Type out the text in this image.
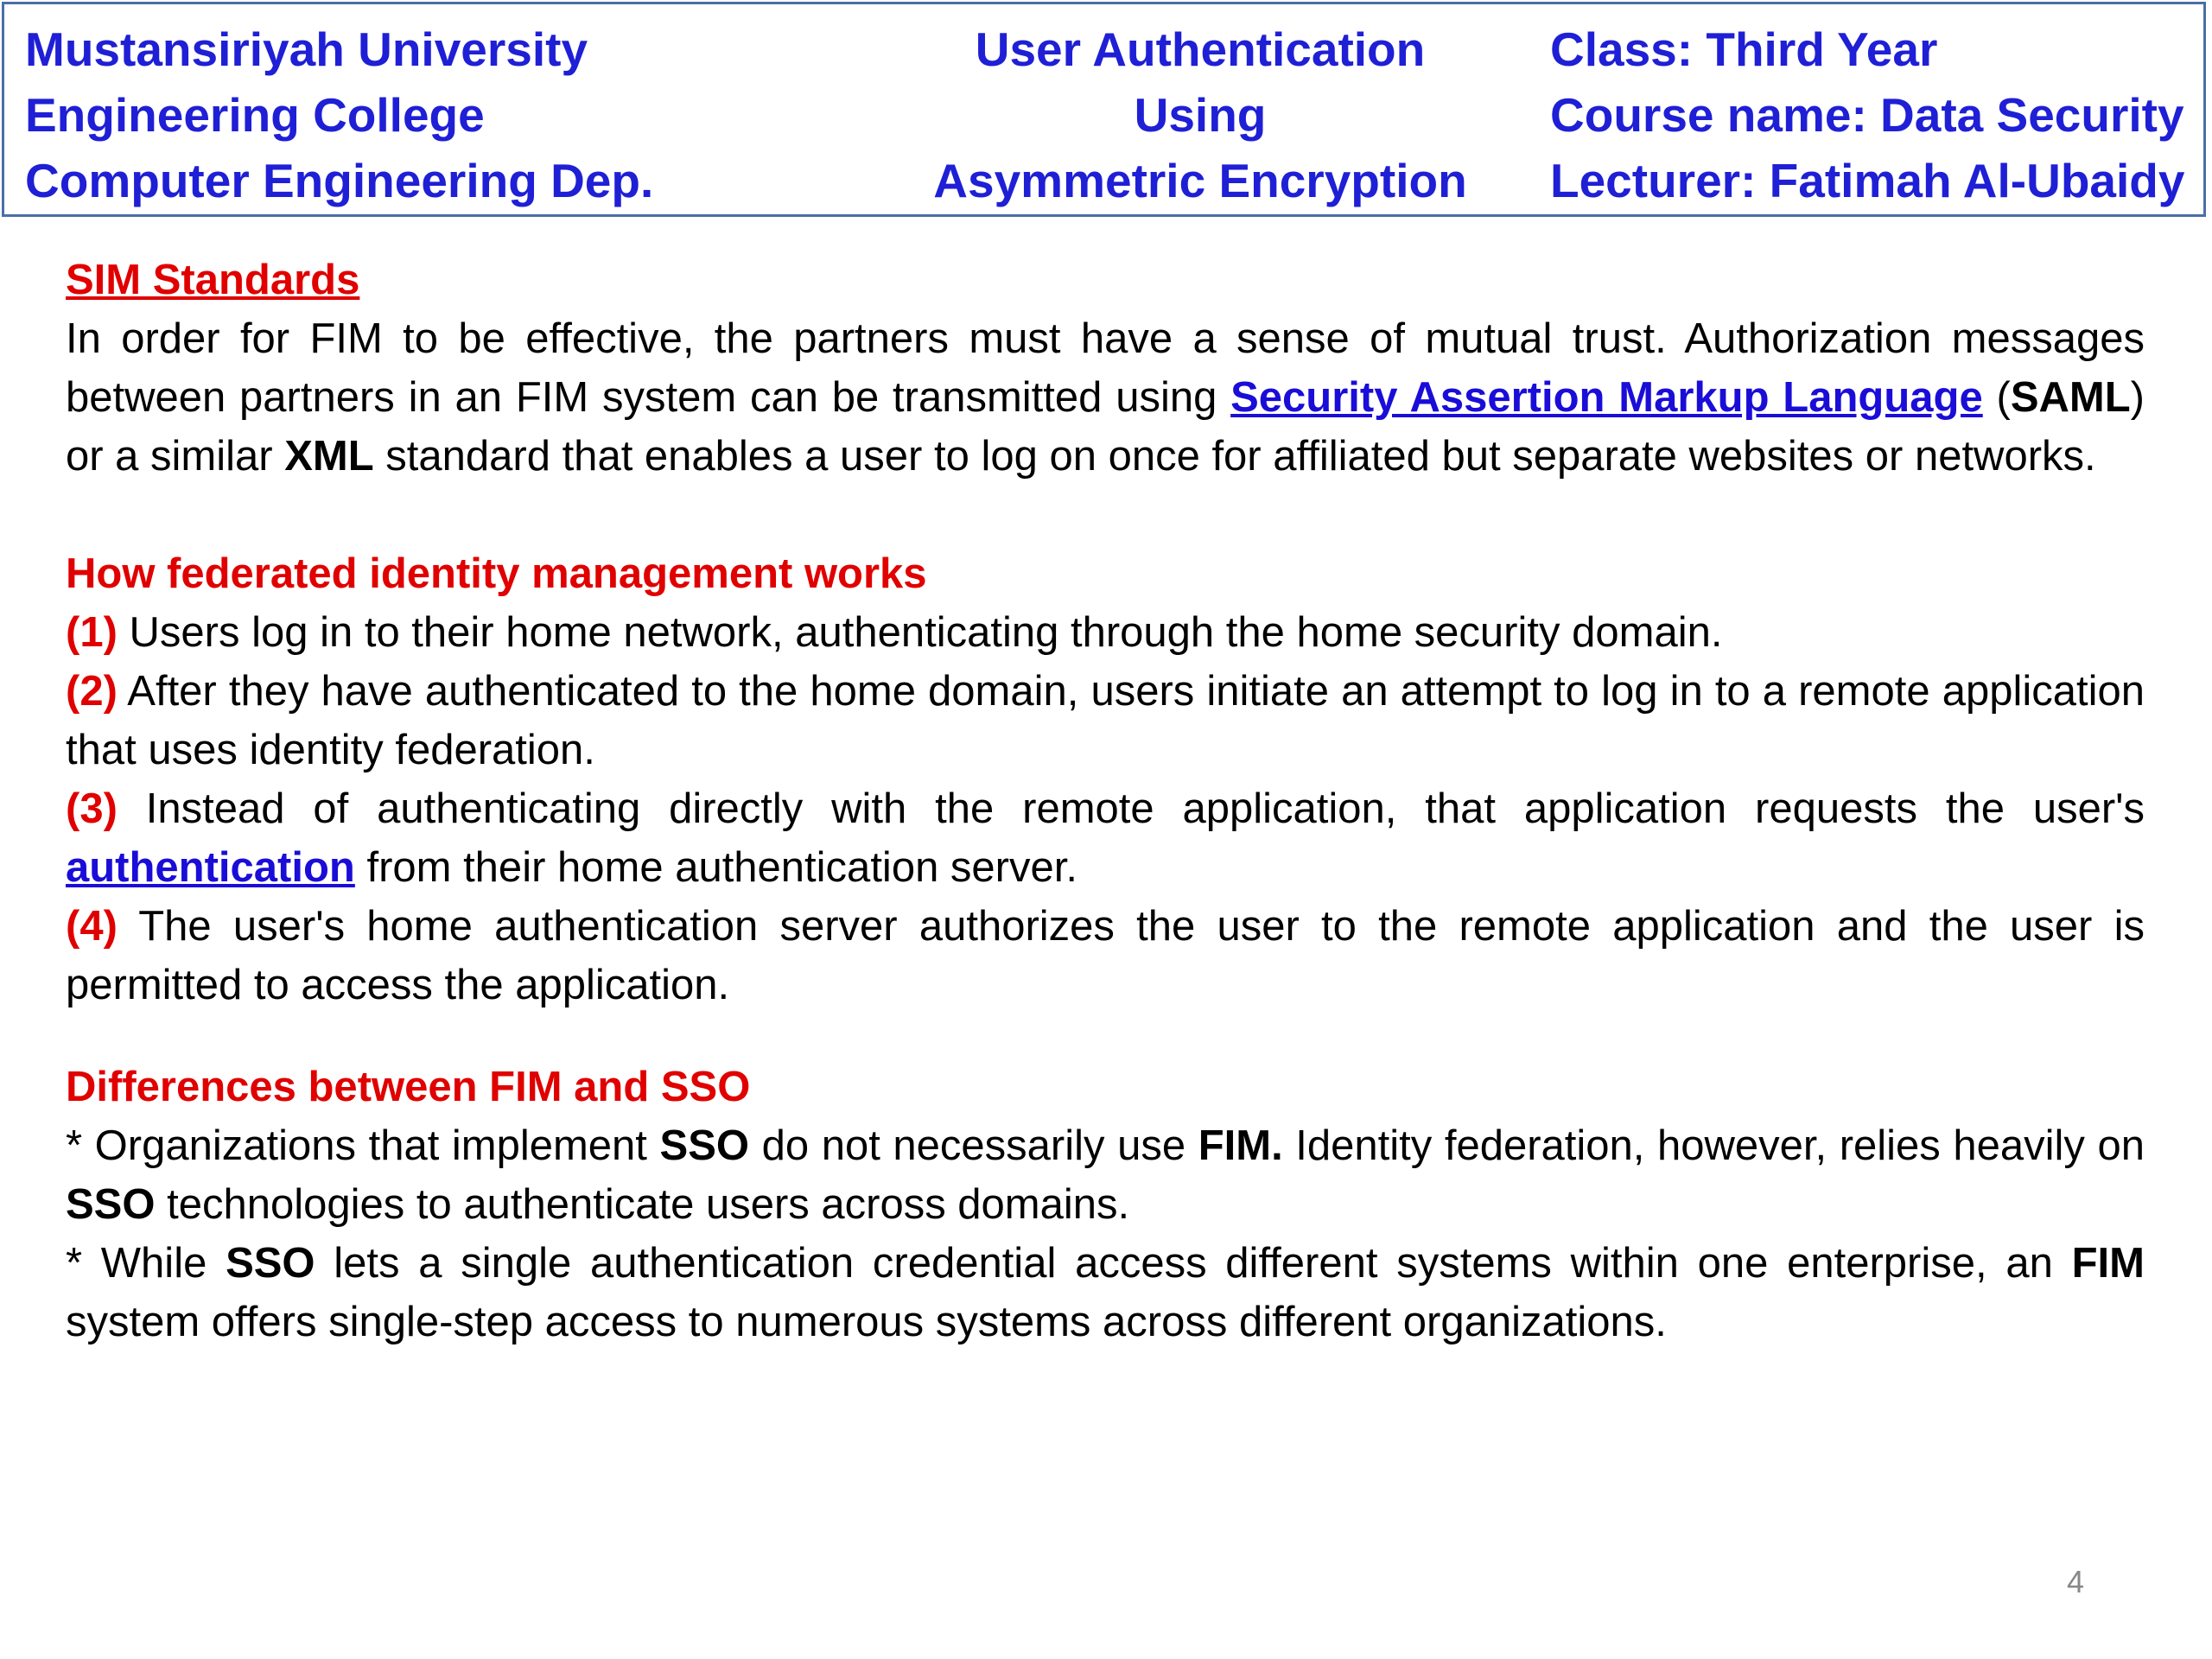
Mustansiriyah University
Engineering College
Computer Engineering Dep.
User Authentication
Using
Asymmetric Encryption
Class: Third Year
Course name: Data Security
Lecturer: Fatimah Al-Ubaidy
SIM Standards

In order for FIM to be effective, the partners must have a sense of mutual trust. Authorization messages between partners in an FIM system can be transmitted using Security Assertion Markup Language (SAML) or a similar XML standard that enables a user to log on once for affiliated but separate websites or networks.

How federated identity management works

(1) Users log in to their home network, authenticating through the home security domain.

(2) After they have authenticated to the home domain, users initiate an attempt to log in to a remote application that uses identity federation.

(3) Instead of authenticating directly with the remote application, that application requests the user's authentication from their home authentication server.

(4) The user's home authentication server authorizes the user to the remote application and the user is permitted to access the application.

Differences between FIM and SSO

* Organizations that implement SSO do not necessarily use FIM. Identity federation, however, relies heavily on SSO technologies to authenticate users across domains.

* While SSO lets a single authentication credential access different systems within one enterprise, an FIM system offers single-step access to numerous systems across different organizations.

4
